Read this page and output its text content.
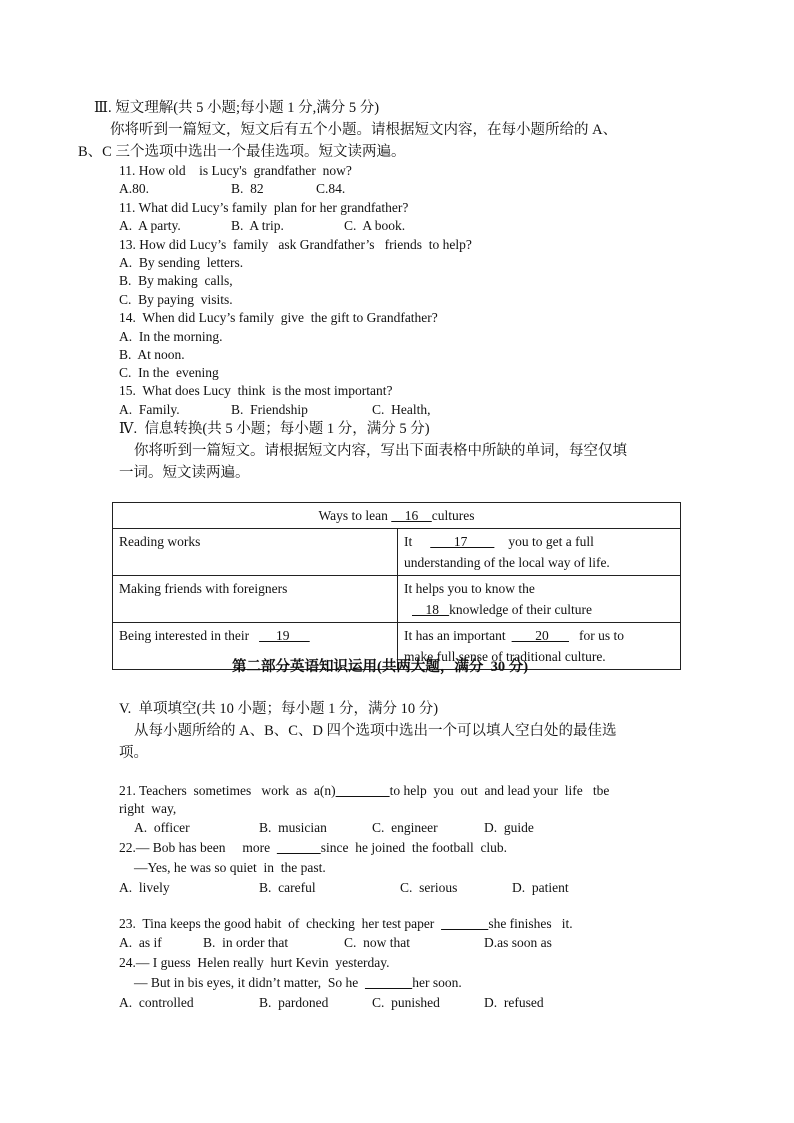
Ⅲ. 短文理解(共 5 小题;每小题 1 分,满分 5 分)
你将听到一篇短文，短文后有五个小题。请根据短文内容，在每小题所给的 A、
B、C 三个选项中选出一个最佳选项。短文读两遍。
11. How old    is Lucy's  grandfather  now?
A.80.	B.  82	C.84.
11. What did Lucy’s family  plan for her grandfather?
A.  A party.	B.  A trip.	C.  A book.
13. How did Lucy’s  family   ask Grandfather’s   friends  to help?
A.  By sending  letters.
B.  By making  calls,
C.  By paying  visits.
14.  When did Lucy’s family  give  the gift to Grandfather?
A.  In the morning.
B.  At noon.
C.  In the  evening
15.  What does Lucy  think  is the most important?
A.  Family.	B.  Friendship	C.  Health,
Ⅳ.  信息转换(共 5 小题；每小题 1 分，满分 5 分)
你将听到一篇短文。请根据短文内容，写出下面表格中所缺的单词，每空仅填
一词。短文读两遍。
Ways to lean     16    cultures	
Reading works	It       17        you to get a full
understanding of the local way of life.
Making friends with foreigners	It helps you to know the
18   knowledge of their culture
Being interested in their     19	It has an important       20      for us to
make full sense of traditional culture.
第二部分英语知识运用(共两大题，满分  30 分)
V.  单项填空(共 10 小题；每小题 1 分，满分 10 分)
从每小题所给的 A、B、C、D 四个选项中选出一个可以填人空白处的最佳选
项。
21. Teachers  sometimes   work  as  a(n)	to help  you  out  and lead your  life   tbe
right  way,
A.  officer	B.  musician	C.  engineer	D.  guide
22.— Bob has been     more	since  he joined  the football  club.
—Yes, he was so quiet  in  the past.
A.  lively	B.  careful	C.  serious	D.  patient
23.  Tina keeps the good habit  of  checking  her test paper	she finishes   it.
A.  as if	B.  in order that	C.  now that	D.as soon as
24.— I guess  Helen really  hurt Kevin  yesterday.
— But in bis eyes, it didn’t matter,  So he	her soon.
A.  controlled	B.  pardoned	C.  punished	D.  refused
